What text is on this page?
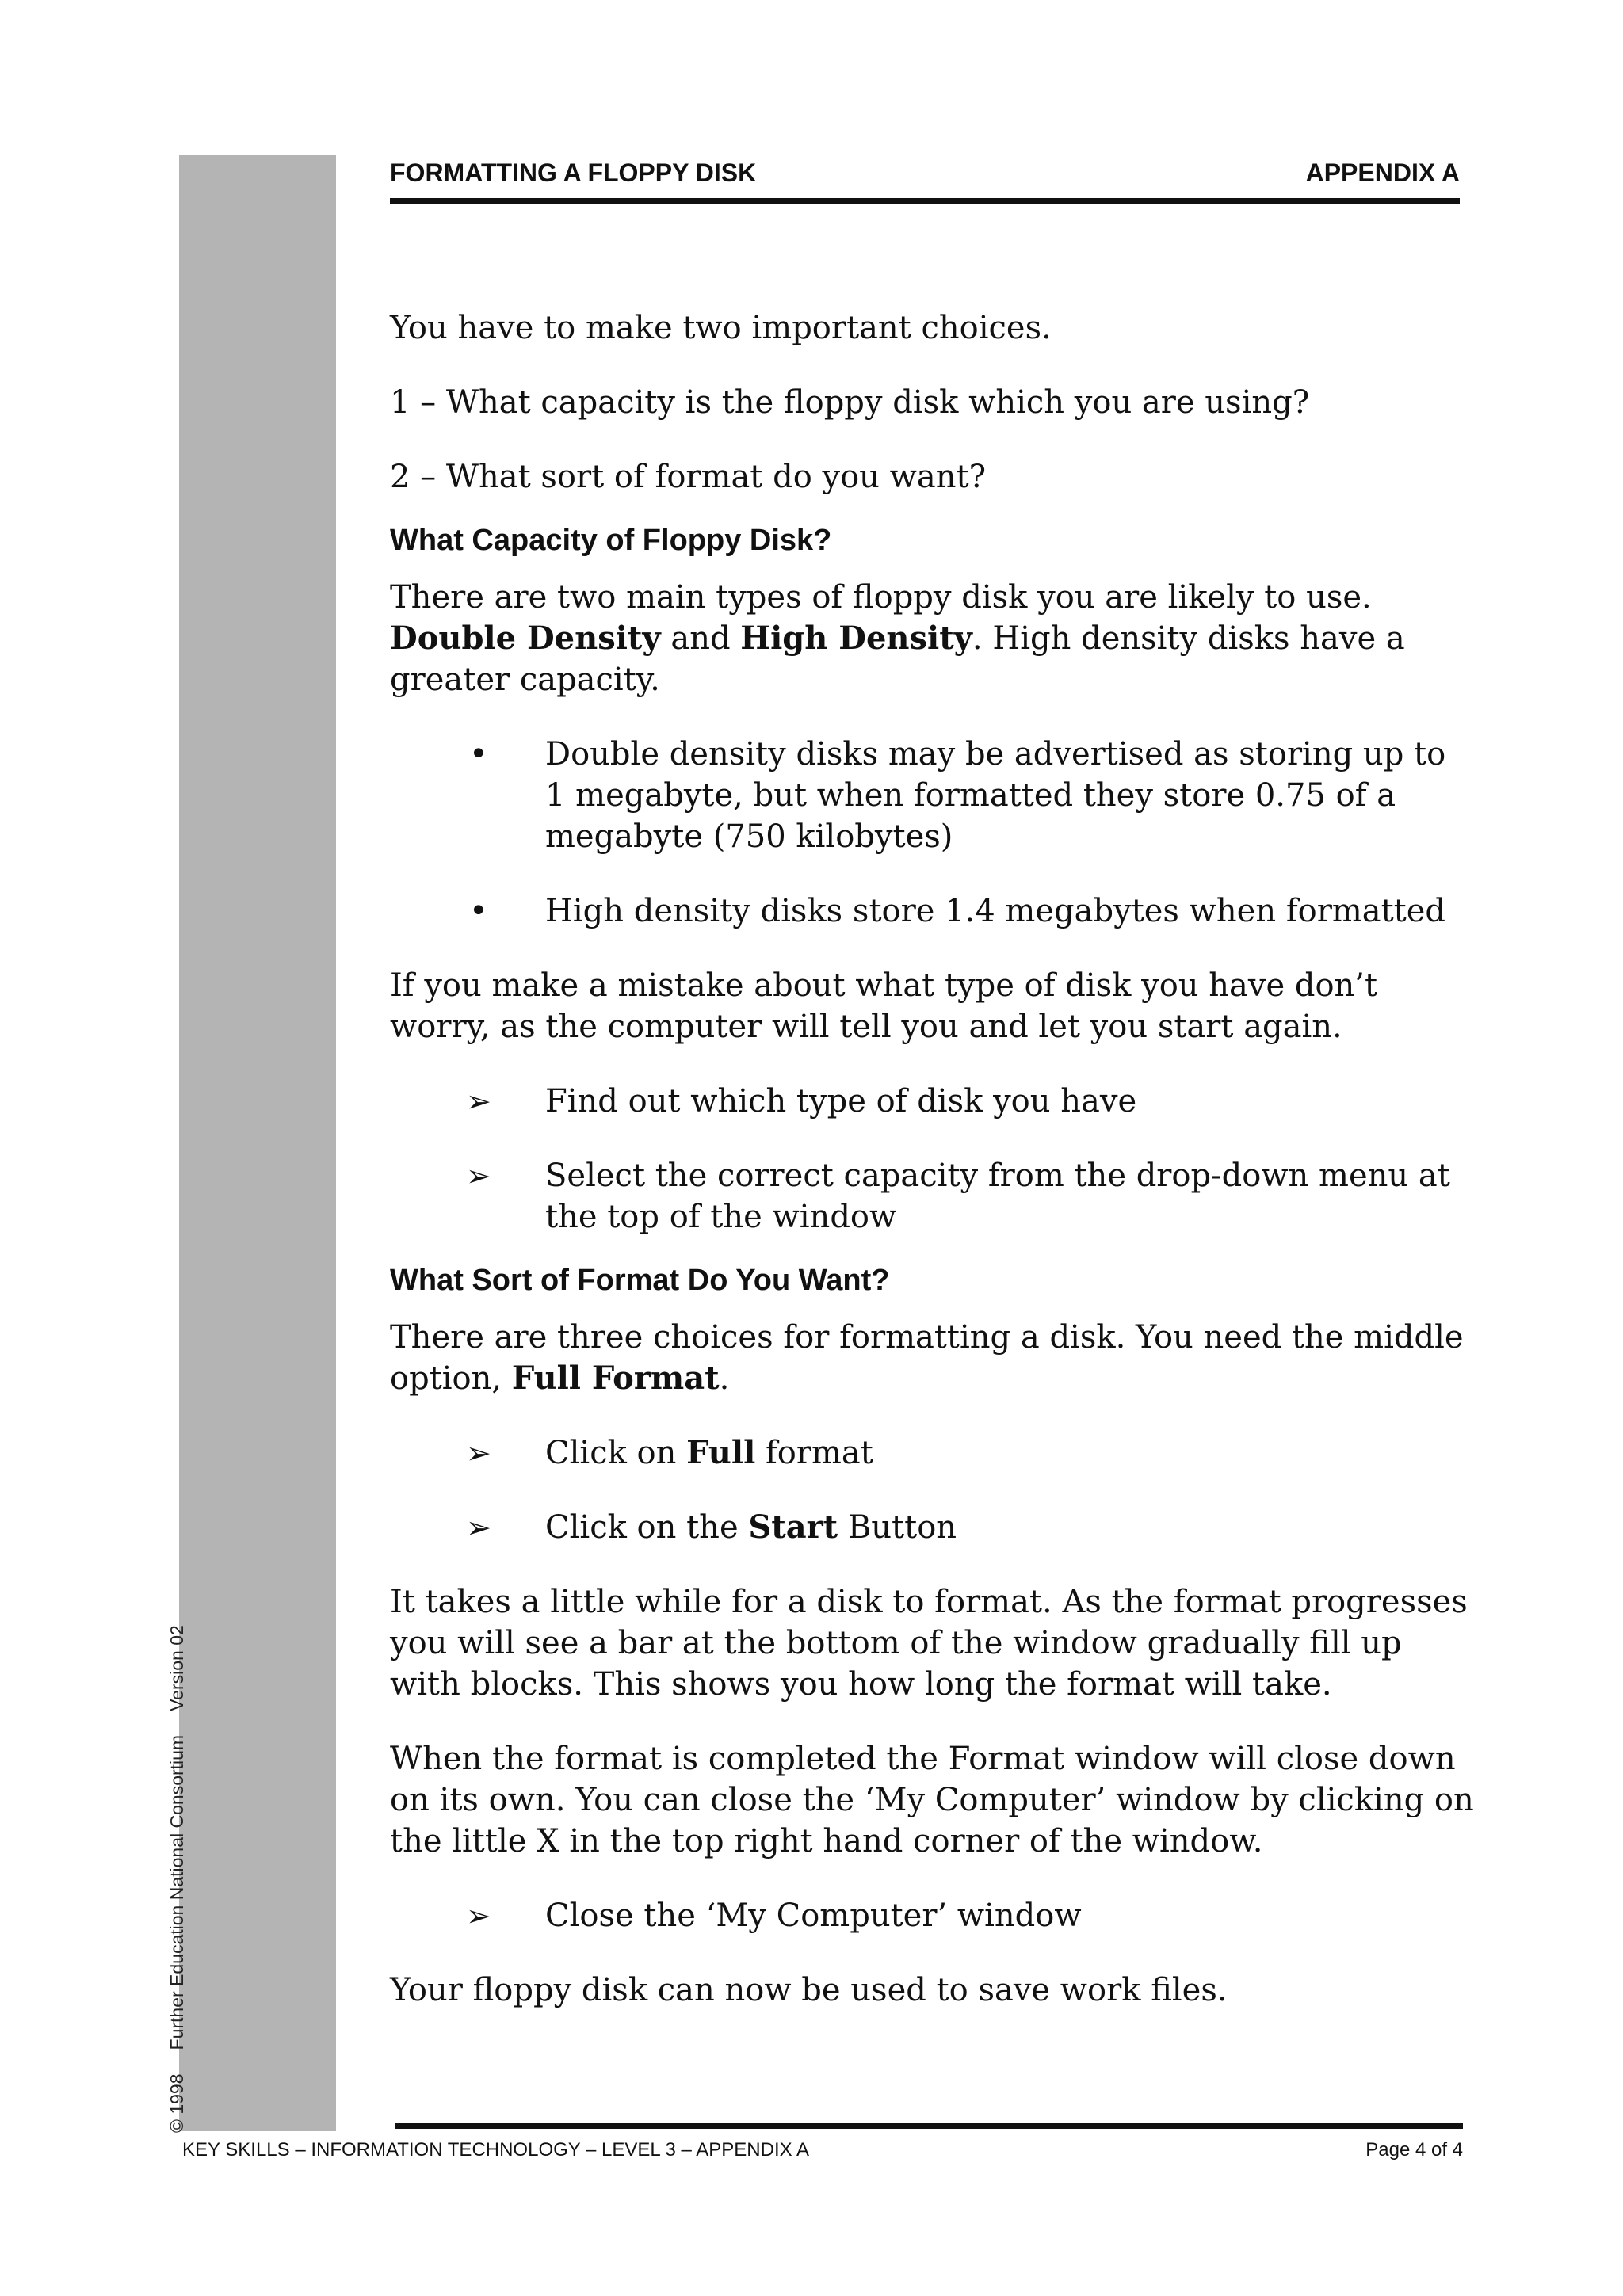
© 1998Further Education National ConsortiumVersion 02
FORMATTING A FLOPPY DISK	APPENDIX A

You have to make two important choices.

1 – What capacity is the floppy disk which you are using?

2 – What sort of format do you want?

What Capacity of Floppy Disk?

There are two main types of floppy disk you are likely to use. Double Density and High Density. High density disks have a greater capacity.

• Double density disks may be advertised as storing up to 1 megabyte, but when formatted they store 0.75 of a megabyte (750 kilobytes)
• High density disks store 1.4 megabytes when formatted

If you make a mistake about what type of disk you have don’t worry, as the computer will tell you and let you start again.

➢ Find out which type of disk you have
➢ Select the correct capacity from the drop-down menu at the top of the window
What Sort of Format Do You Want?

There are three choices for formatting a disk. You need the middle option, Full Format.

➢ Click on Full format
➢ Click on the Start Button

It takes a little while for a disk to format. As the format progresses you will see a bar at the bottom of the window gradually fill up with blocks. This shows you how long the format will take.

When the format is completed the Format window will close down on its own. You can close the ‘My Computer’ window by clicking on the little X in the top right hand corner of the window.

➢ Close the ‘My Computer’ window

Your floppy disk can now be used to save work files.

KEY SKILLS – INFORMATION TECHNOLOGY – LEVEL 3 – APPENDIX A	Page 4 of 4
